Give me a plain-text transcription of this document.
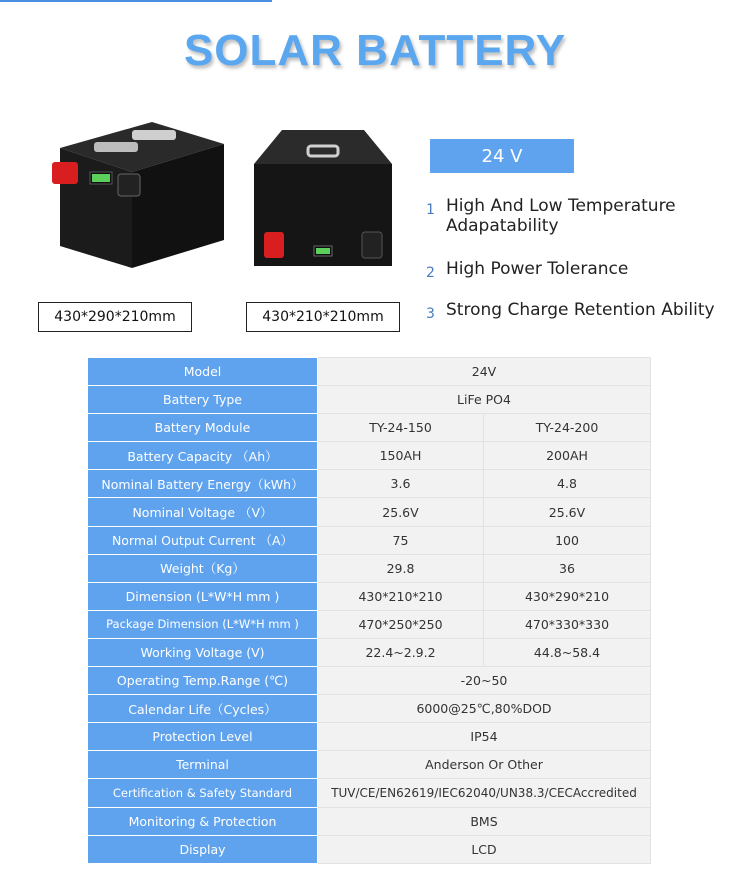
SOLAR BATTERY
430*290*210mm	430*210*210mm
24 V
1 High And Low Temperature Adapatability
2 High Power Tolerance
3 Strong Charge Retention Ability
Model	24V	
Battery Type	LiFe PO4	
Battery Module	TY-24-150	TY-24-200
Battery Capacity （Ah）	150AH	200AH
Nominal Battery Energy（kWh）	3.6	4.8
Nominal Voltage （V）	25.6V	25.6V
Normal Output Current （A）	75	100
Weight（Kg）	29.8	36
Dimension (L*W*H mm )	430*210*210	430*290*210
Package Dimension (L*W*H mm )	470*250*250	470*330*330
Working Voltage (V)	22.4~2.9.2	44.8~58.4
Operating Temp.Range (℃)	-20~50	
Calendar Life（Cycles）	6000@25℃,80%DOD	
Protection Level	IP54	
Terminal	Anderson Or Other	
Certification & Safety Standard	TUV/CE/EN62619/IEC62040/UN38.3/CECAccredited	
Monitoring & Protection	BMS	
Display	LCD	
